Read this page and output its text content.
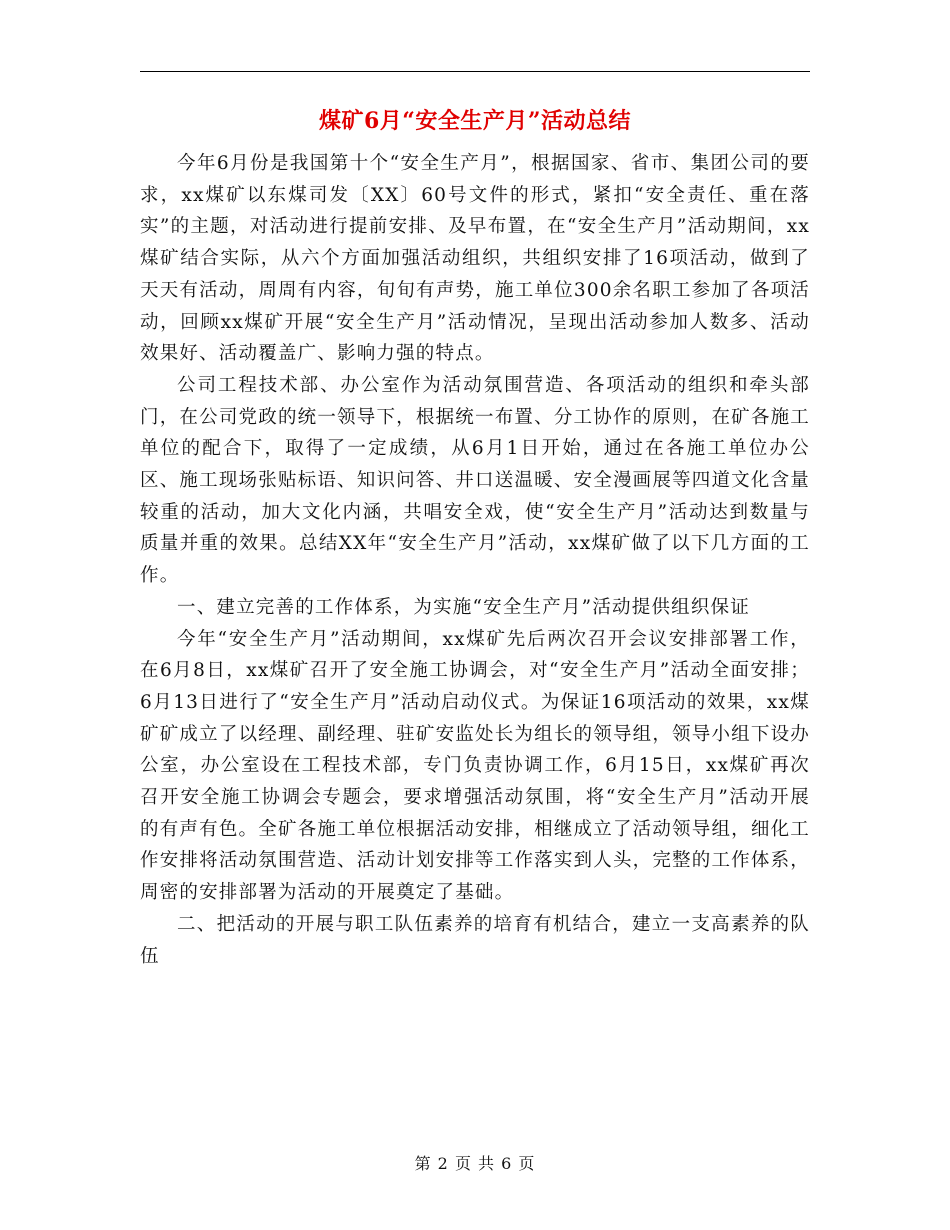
煤矿6月“安全生产月”活动总结

今年6月份是我国第十个“安全生产月”，根据国家、省市、集团公司的要求，xx煤矿以东煤司发〔XX〕60号文件的形式，紧扣“安全责任、重在落实”的主题，对活动进行提前安排、及早布置，在“安全生产月”活动期间，xx煤矿结合实际，从六个方面加强活动组织，共组织安排了16项活动，做到了天天有活动，周周有内容，旬旬有声势，施工单位300余名职工参加了各项活动，回顾xx煤矿开展“安全生产月”活动情况，呈现出活动参加人数多、活动效果好、活动覆盖广、影响力强的特点。

公司工程技术部、办公室作为活动氛围营造、各项活动的组织和牵头部门，在公司党政的统一领导下，根据统一布置、分工协作的原则，在矿各施工单位的配合下，取得了一定成绩，从6月1日开始，通过在各施工单位办公区、施工现场张贴标语、知识问答、井口送温暖、安全漫画展等四道文化含量较重的活动，加大文化内涵，共唱安全戏，使“安全生产月”活动达到数量与质量并重的效果。总结XX年“安全生产月”活动，xx煤矿做了以下几方面的工作。

一、建立完善的工作体系，为实施“安全生产月”活动提供组织保证

今年“安全生产月”活动期间，xx煤矿先后两次召开会议安排部署工作，在6月8日，xx煤矿召开了安全施工协调会，对“安全生产月”活动全面安排；6月13日进行了“安全生产月”活动启动仪式。为保证16项活动的效果，xx煤矿矿成立了以经理、副经理、驻矿安监处长为组长的领导组，领导小组下设办公室，办公室设在工程技术部，专门负责协调工作，6月15日，xx煤矿再次召开安全施工协调会专题会，要求增强活动氛围，将“安全生产月”活动开展的有声有色。全矿各施工单位根据活动安排，相继成立了活动领导组，细化工作安排将活动氛围营造、活动计划安排等工作落实到人头，完整的工作体系，周密的安排部署为活动的开展奠定了基础。

二、把活动的开展与职工队伍素养的培育有机结合，建立一支高素养的队伍

第 2 页 共 6 页
